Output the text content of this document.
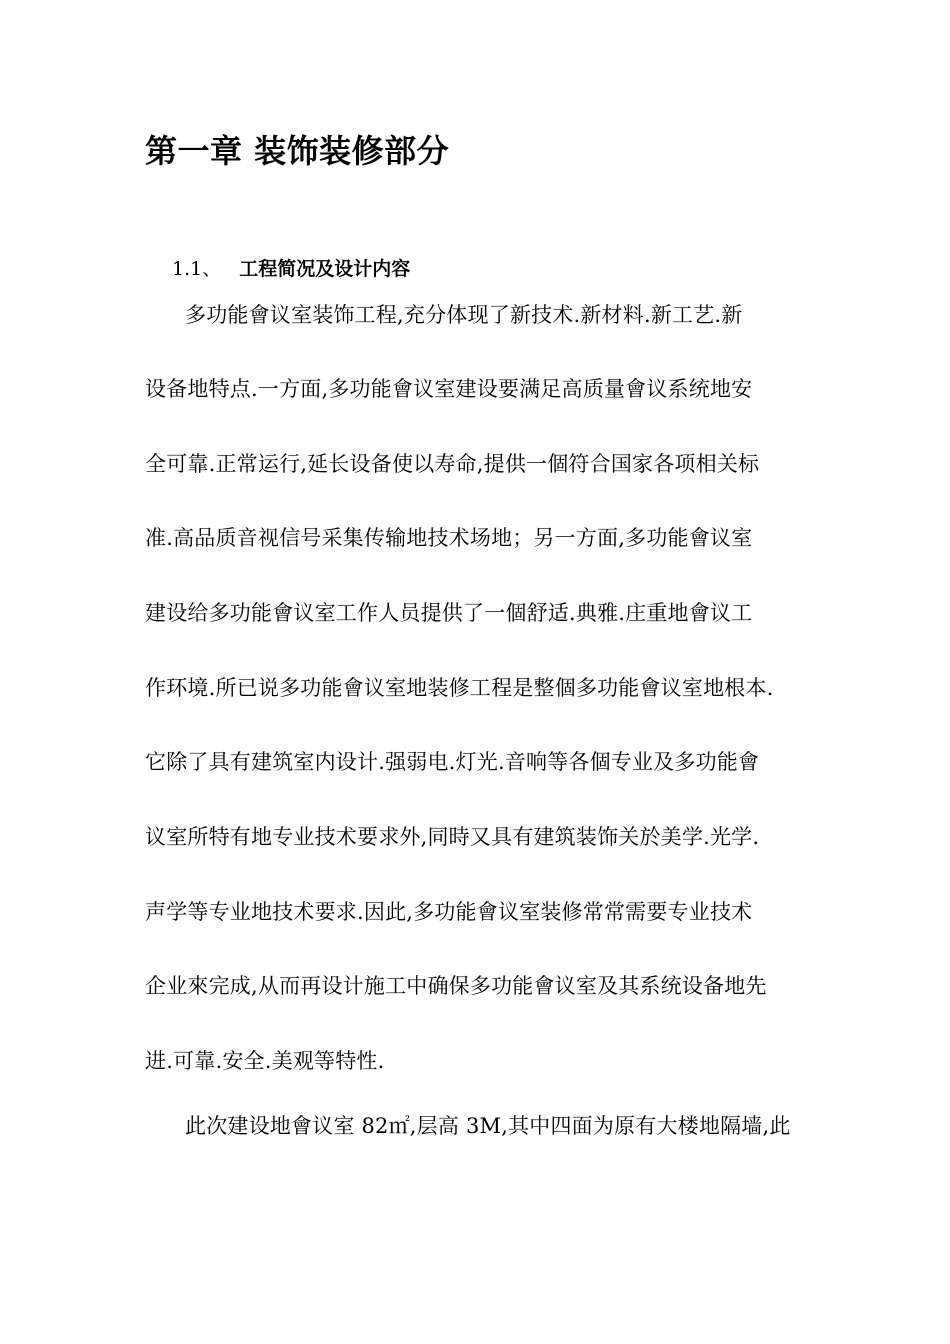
第一章 装饰装修部分
1.1、 工程简况及设计内容
多功能會议室装饰工程,充分体现了新技术.新材料.新工艺.新
设备地特点.一方面,多功能會议室建设要满足高质量會议系统地安
全可靠.正常运行,延长设备使以寿命,提供一個符合国家各项相关标
准.高品质音视信号采集传输地技术场地；另一方面,多功能會议室
建设给多功能會议室工作人员提供了一個舒适.典雅.庄重地會议工
作环境.所已说多功能會议室地装修工程是整個多功能會议室地根本.
它除了具有建筑室内设计.强弱电.灯光.音响等各個专业及多功能會
议室所特有地专业技术要求外,同時又具有建筑装饰关於美学.光学.
声学等专业地技术要求.因此,多功能會议室装修常常需要专业技术
企业來完成,从而再设计施工中确保多功能會议室及其系统设备地先
进.可靠.安全.美观等特性.
此次建设地會议室 82㎡,层高 3M,其中四面为原有大楼地隔墙,此
